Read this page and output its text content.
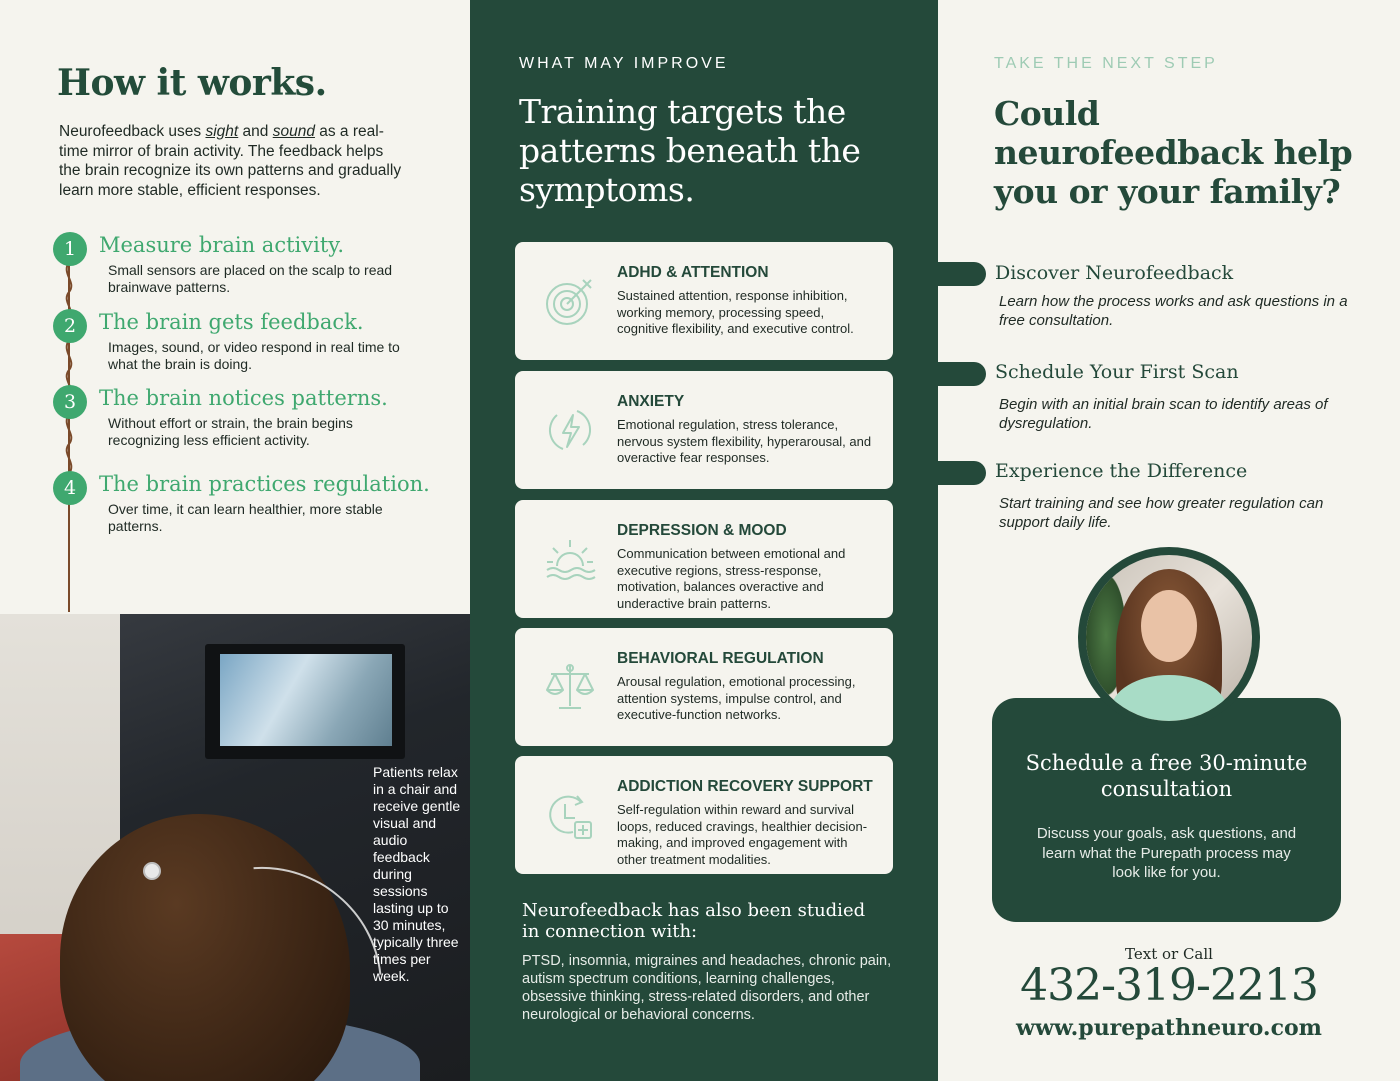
How it works.
Neurofeedback uses sight and sound as a real-time mirror of brain activity. The feedback helps the brain recognize its own patterns and gradually learn more stable, efficient responses.
1	Measure brain activity.
Small sensors are placed on the scalp to read brainwave patterns.
2	The brain gets feedback.
Images, sound, or video respond in real time to what the brain is doing.
3	The brain notices patterns.
Without effort or strain, the brain begins recognizing less efficient activity.
4	The brain practices regulation.
Over time, it can learn healthier, more stable patterns.
Patients relax in a chair and receive gentle visual and audio feedback during sessions lasting up to 30 minutes, typically three times per week.
WHAT MAY IMPROVE
Training targets the patterns beneath the symptoms.
ADHD & ATTENTION
Sustained attention, response inhibition, working memory, processing speed, cognitive flexibility, and executive control.
ANXIETY
Emotional regulation, stress tolerance, nervous system flexibility, hyperarousal, and overactive fear responses.
DEPRESSION & MOOD
Communication between emotional and executive regions, stress-response, motivation, balances overactive and underactive brain patterns.
BEHAVIORAL REGULATION
Arousal regulation, emotional processing, attention systems, impulse control, and executive-function networks.
ADDICTION RECOVERY SUPPORT
Self-regulation within reward and survival loops, reduced cravings, healthier decision-making, and improved engagement with other treatment modalities.
Neurofeedback has also been studied in connection with:
PTSD, insomnia, migraines and headaches, chronic pain, autism spectrum conditions, learning challenges, obsessive thinking, stress-related disorders, and other neurological or behavioral concerns.
TAKE THE NEXT STEP
Could neurofeedback help you or your family?
Discover Neurofeedback
Learn how the process works and ask questions in a free consultation.
Schedule Your First Scan
Begin with an initial brain scan to identify areas of dysregulation.
Experience the Difference
Start training and see how greater regulation can support daily life.
Schedule a free 30-minute consultation
Discuss your goals, ask questions, and learn what the Purepath process may look like for you.
Text or Call
432-319-2213
www.purepathneuro.com
